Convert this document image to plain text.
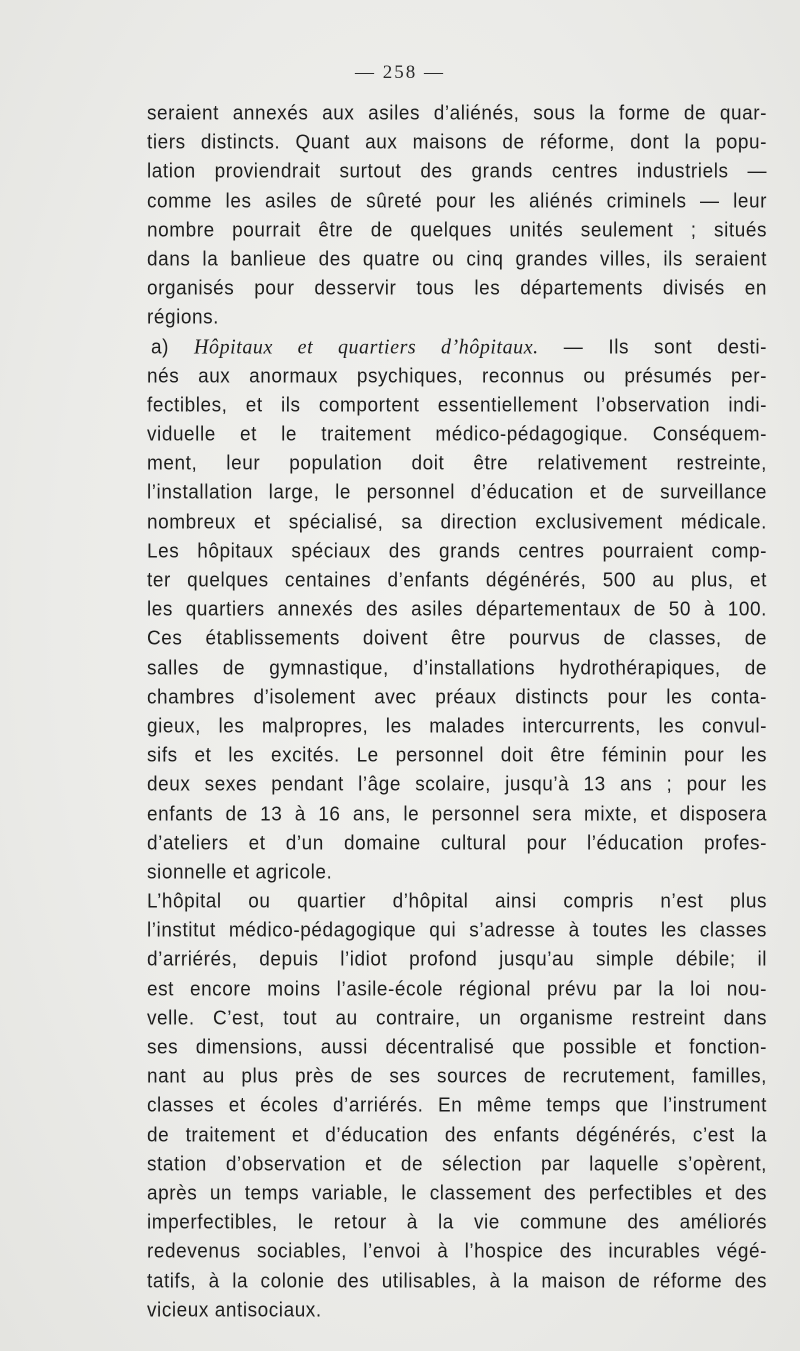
— 258 —
seraient annexés aux asiles d’aliénés, sous la forme de quar-
tiers distincts. Quant aux maisons de réforme, dont la popu-
lation proviendrait surtout des grands centres industriels —
comme les asiles de sûreté pour les aliénés criminels — leur
nombre pourrait être de quelques unités seulement ; situés
dans la banlieue des quatre ou cinq grandes villes, ils seraient
organisés pour desservir tous les départements divisés en
régions.
a) Hôpitaux et quartiers d’hôpitaux. — Ils sont desti-
nés aux anormaux psychiques, reconnus ou présumés per-
fectibles, et ils comportent essentiellement l’observation indi-
viduelle et le traitement médico-pédagogique. Conséquem-
ment, leur population doit être relativement restreinte,
l’installation large, le personnel d’éducation et de surveillance
nombreux et spécialisé, sa direction exclusivement médicale.
Les hôpitaux spéciaux des grands centres pourraient comp-
ter quelques centaines d’enfants dégénérés, 500 au plus, et
les quartiers annexés des asiles départementaux de 50 à 100.
Ces établissements doivent être pourvus de classes, de
salles de gymnastique, d’installations hydrothérapiques, de
chambres d’isolement avec préaux distincts pour les conta-
gieux, les malpropres, les malades intercurrents, les convul-
sifs et les excités. Le personnel doit être féminin pour les
deux sexes pendant l’âge scolaire, jusqu’à 13 ans ; pour les
enfants de 13 à 16 ans, le personnel sera mixte, et disposera
d’ateliers et d’un domaine cultural pour l’éducation profes-
sionnelle et agricole.
L’hôpital ou quartier d’hôpital ainsi compris n’est plus
l’institut médico-pédagogique qui s’adresse à toutes les classes
d’arriérés, depuis l’idiot profond jusqu’au simple débile; il
est encore moins l’asile-école régional prévu par la loi nou-
velle. C’est, tout au contraire, un organisme restreint dans
ses dimensions, aussi décentralisé que possible et fonction-
nant au plus près de ses sources de recrutement, familles,
classes et écoles d’arriérés. En même temps que l’instrument
de traitement et d’éducation des enfants dégénérés, c’est la
station d’observation et de sélection par laquelle s’opèrent,
après un temps variable, le classement des perfectibles et des
imperfectibles, le retour à la vie commune des améliorés
redevenus sociables, l’envoi à l’hospice des incurables végé-
tatifs, à la colonie des utilisables, à la maison de réforme des
vicieux antisociaux.
